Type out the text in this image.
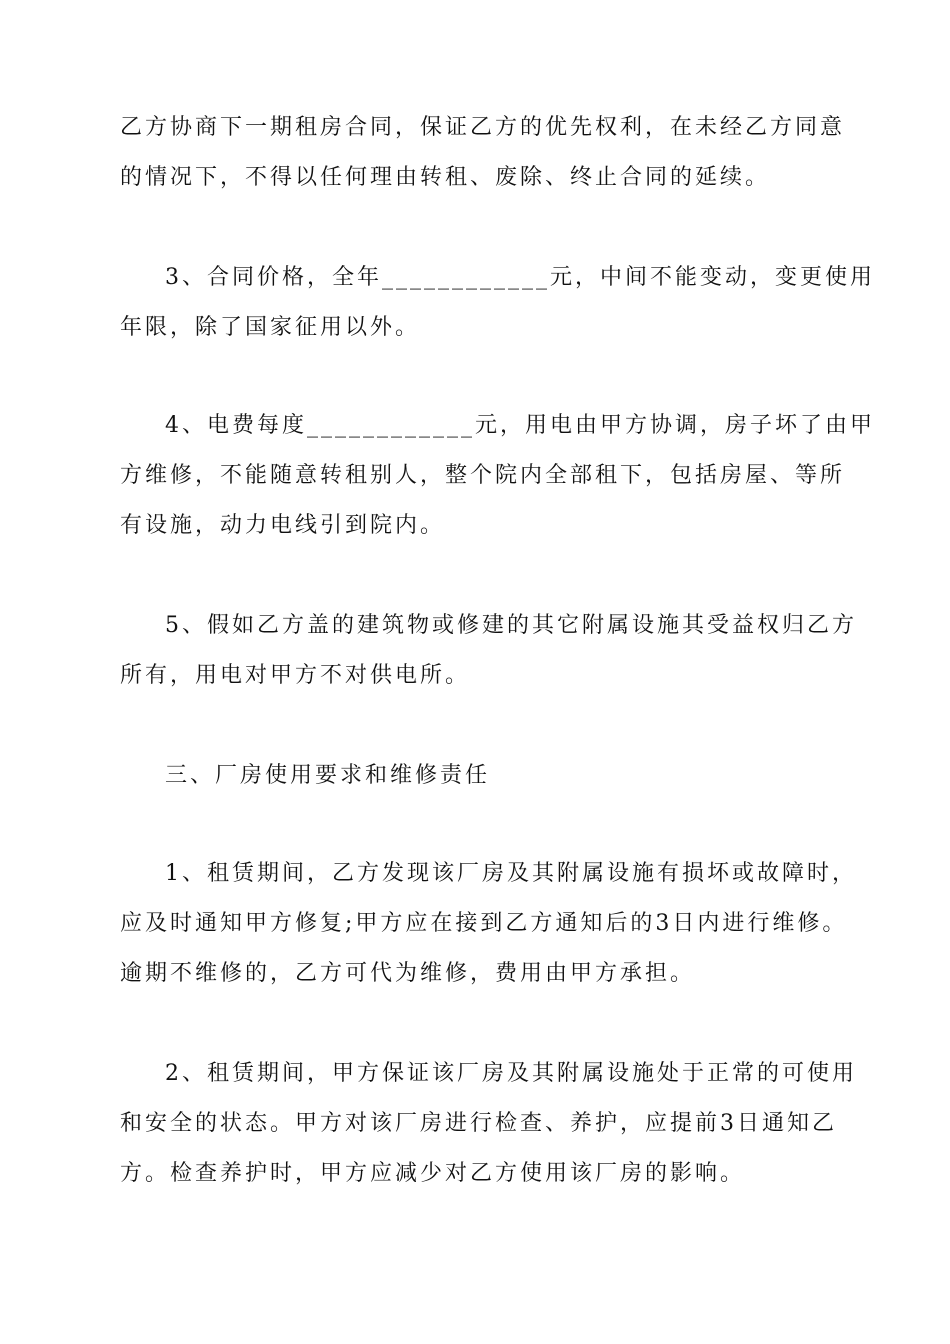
乙方协商下一期租房合同，保证乙方的优先权利，在未经乙方同意
的情况下，不得以任何理由转租、废除、终止合同的延续。
3、合同价格，全年____________元，中间不能变动，变更使用
年限，除了国家征用以外。
4、电费每度____________元，用电由甲方协调，房子坏了由甲
方维修，不能随意转租别人，整个院内全部租下，包括房屋、等所
有设施，动力电线引到院内。
5、假如乙方盖的建筑物或修建的其它附属设施其受益权归乙方
所有，用电对甲方不对供电所。
三、厂房使用要求和维修责任
1、租赁期间，乙方发现该厂房及其附属设施有损坏或故障时，
应及时通知甲方修复;甲方应在接到乙方通知后的3日内进行维修。
逾期不维修的，乙方可代为维修，费用由甲方承担。
2、租赁期间，甲方保证该厂房及其附属设施处于正常的可使用
和安全的状态。甲方对该厂房进行检查、养护，应提前3日通知乙
方。检查养护时，甲方应减少对乙方使用该厂房的影响。
